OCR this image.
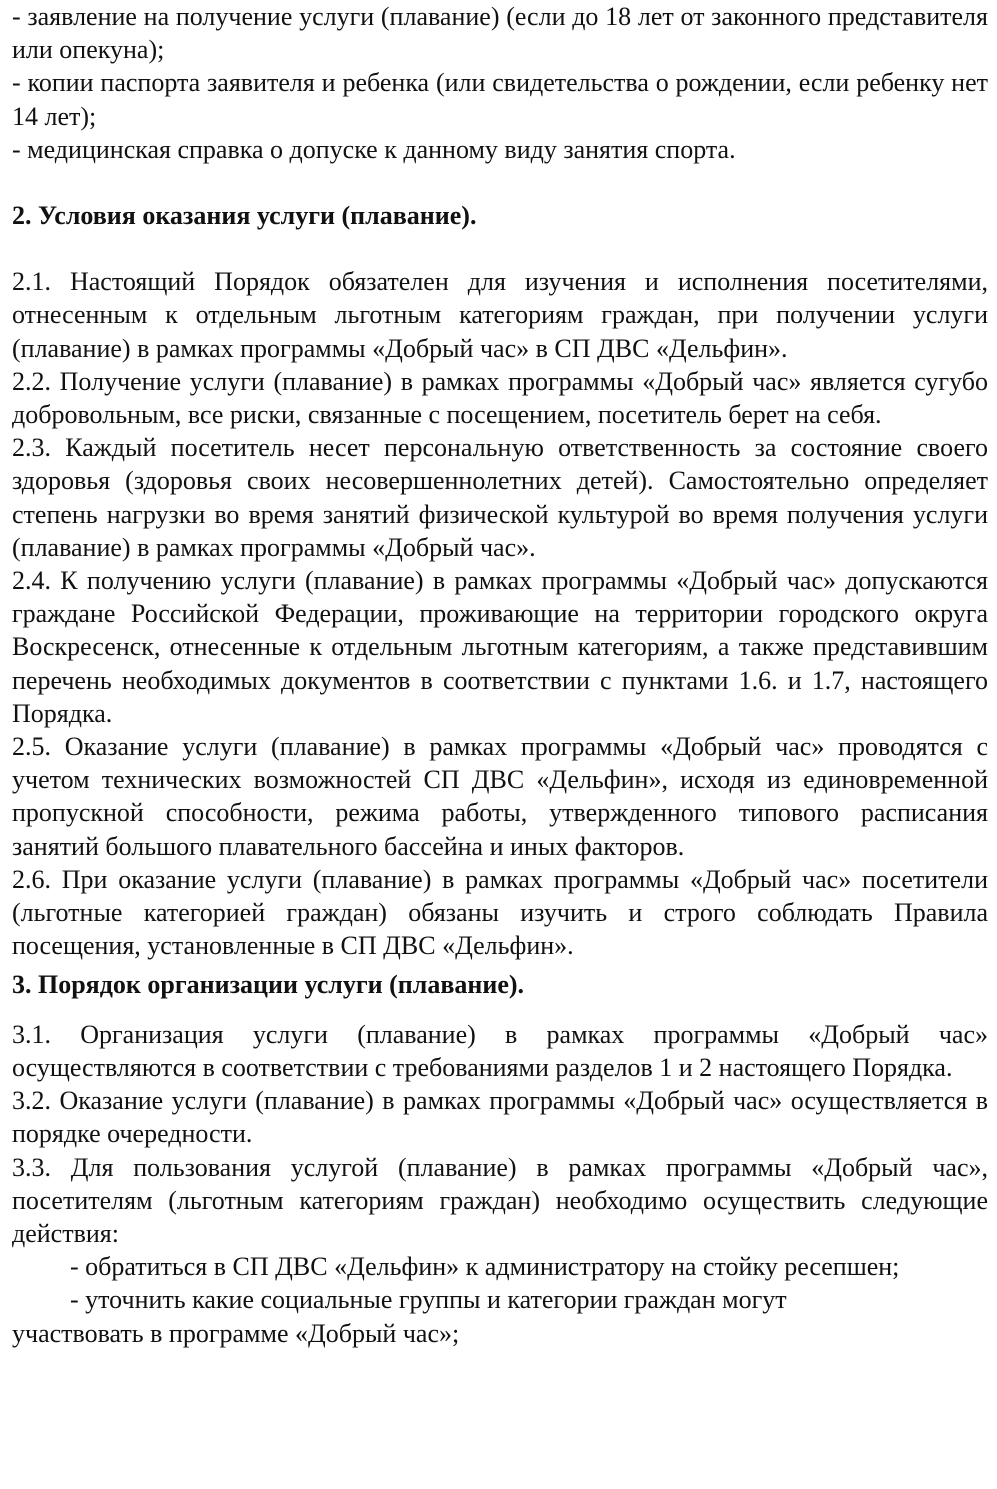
- заявление на получение услуги (плавание) (если до 18 лет от законного представителя или опекуна);

- копии паспорта заявителя и ребенка (или свидетельства о рождении, если ребенку нет 14 лет);

- медицинская справка о допуске к данному виду занятия спорта.

2. Условия оказания услуги (плавание).

2.1. Настоящий Порядок обязателен для изучения и исполнения посетителями, отнесенным к отдельным льготным категориям граждан, при получении услуги (плавание) в рамках программы «Добрый час» в СП ДВС «Дельфин».

2.2. Получение услуги (плавание) в рамках программы «Добрый час» является сугубо добровольным, все риски, связанные с посещением, посетитель берет на себя.

2.3. Каждый посетитель несет персональную ответственность за состояние своего здоровья (здоровья своих несовершеннолетних детей). Самостоятельно определяет степень нагрузки во время занятий физической культурой во время получения услуги (плавание) в рамках программы «Добрый час».

2.4. К получению услуги (плавание) в рамках программы «Добрый час» допускаются граждане Российской Федерации, проживающие на территории городского округа Воскресенск, отнесенные к отдельным льготным категориям, а также представившим перечень необходимых документов в соответствии с пунктами 1.6. и 1.7, настоящего Порядка.

2.5. Оказание услуги (плавание) в рамках программы «Добрый час» проводятся с учетом технических возможностей СП ДВС «Дельфин», исходя из единовременной пропускной способности, режима работы, утвержденного типового расписания занятий большого плавательного бассейна и иных факторов.

2.6. При оказание услуги (плавание) в рамках программы «Добрый час» посетители (льготные категорией граждан) обязаны изучить и строго соблюдать Правила посещения, установленные в СП ДВС «Дельфин».

3. Порядок организации услуги (плавание).

3.1. Организация услуги (плавание) в рамках программы «Добрый час» осуществляются в соответствии с требованиями разделов 1 и 2 настоящего Порядка.

3.2. Оказание услуги (плавание) в рамках программы «Добрый час» осуществляется в порядке очередности.

3.3. Для пользования услугой (плавание) в рамках программы «Добрый час», посетителям (льготным категориям граждан) необходимо осуществить следующие действия:

- обратиться в СП ДВС «Дельфин» к администратору на стойку ресепшен;

- уточнить какие социальные группы и категории граждан могут

участвовать в программе «Добрый час»;
